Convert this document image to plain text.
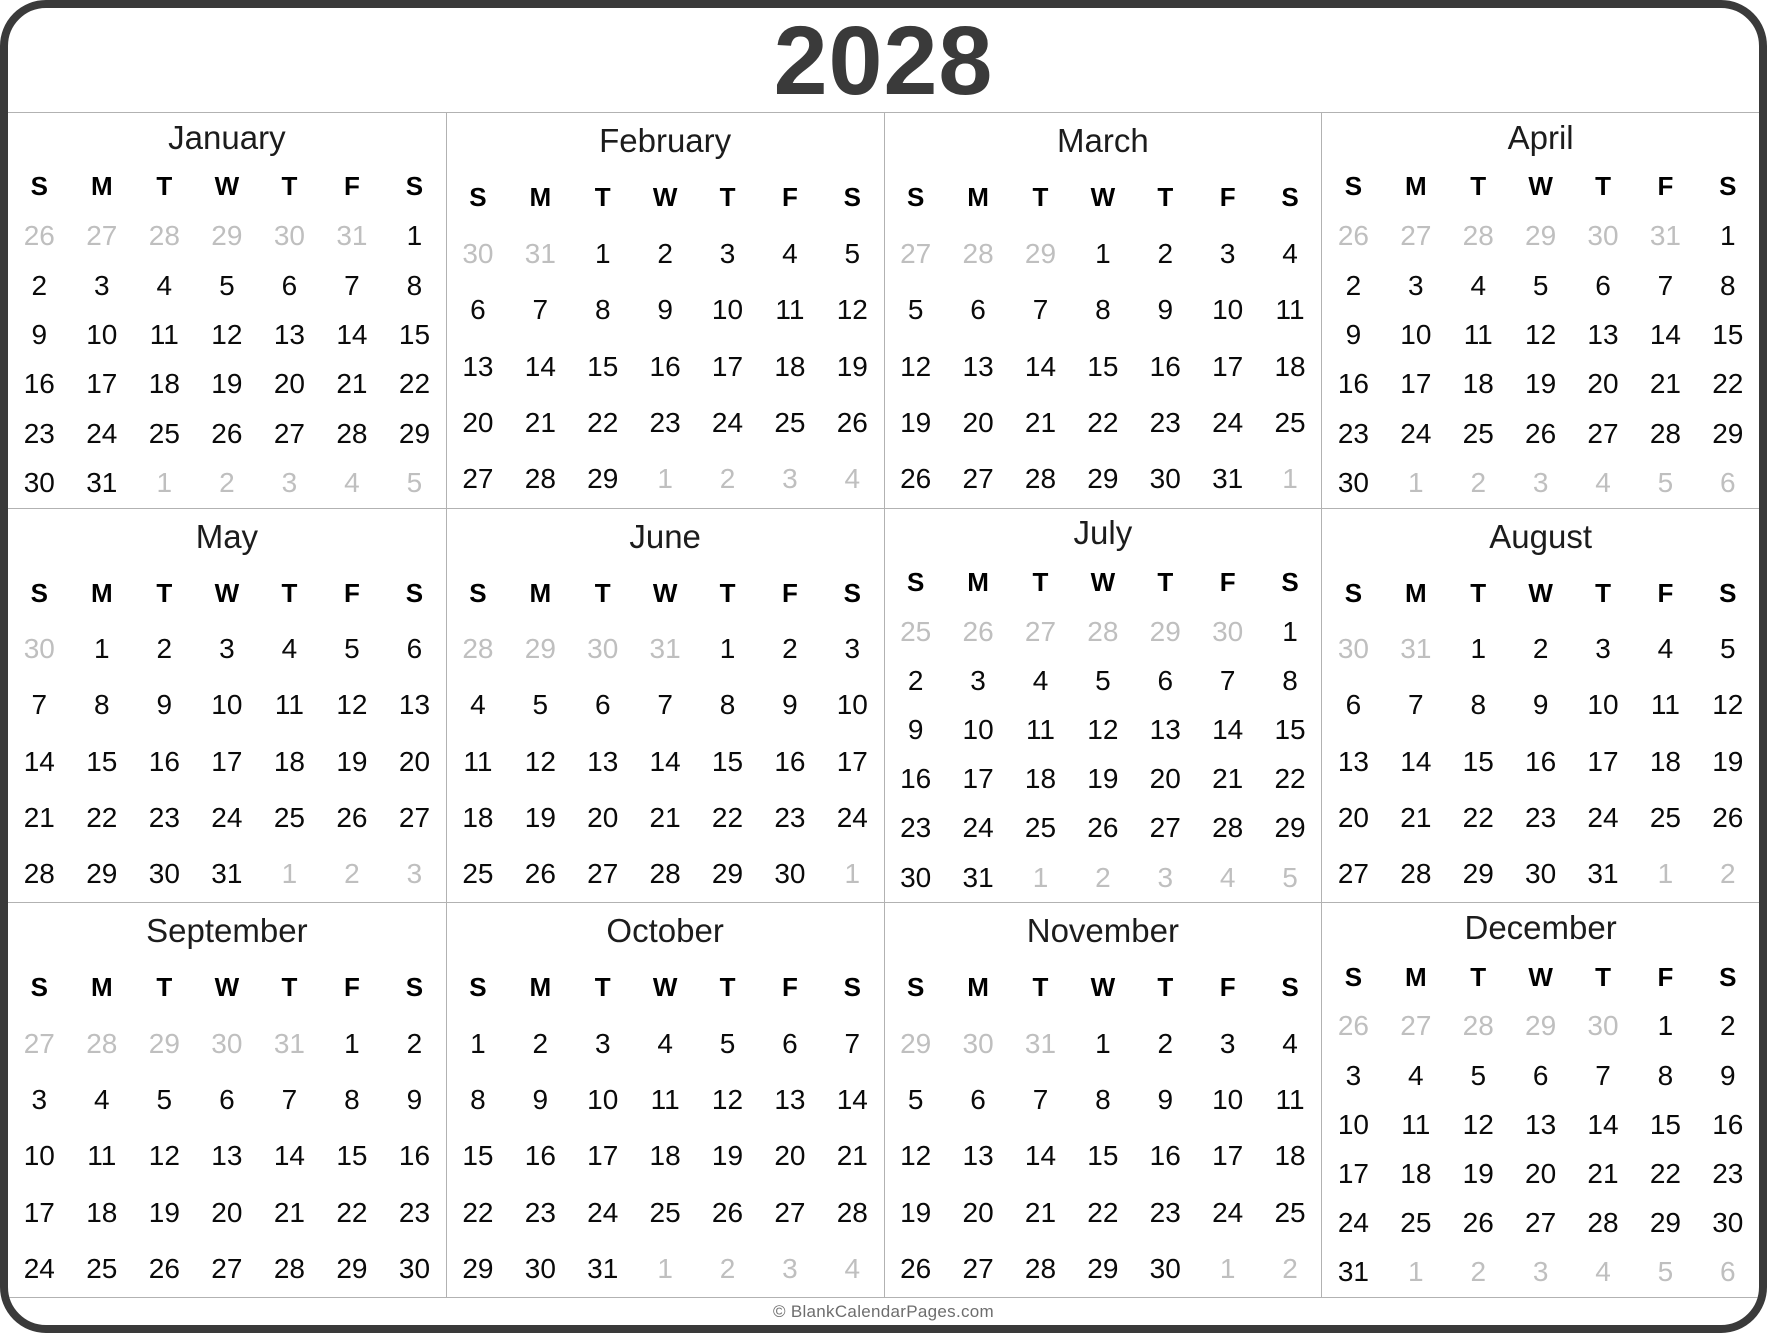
2028
January
S M T W T F S
26 27 28 29 30 31 1
2 3 4 5 6 7 8
9 10 11 12 13 14 15
16 17 18 19 20 21 22
23 24 25 26 27 28 29
30 31 1 2 3 4 5
February
S M T W T F S
30 31 1 2 3 4 5
6 7 8 9 10 11 12
13 14 15 16 17 18 19
20 21 22 23 24 25 26
27 28 29 1 2 3 4
March
S M T W T F S
27 28 29 1 2 3 4
5 6 7 8 9 10 11
12 13 14 15 16 17 18
19 20 21 22 23 24 25
26 27 28 29 30 31 1
April
S M T W T F S
26 27 28 29 30 31 1
2 3 4 5 6 7 8
9 10 11 12 13 14 15
16 17 18 19 20 21 22
23 24 25 26 27 28 29
30 1 2 3 4 5 6
May
S M T W T F S
30 1 2 3 4 5 6
7 8 9 10 11 12 13
14 15 16 17 18 19 20
21 22 23 24 25 26 27
28 29 30 31 1 2 3
June
S M T W T F S
28 29 30 31 1 2 3
4 5 6 7 8 9 10
11 12 13 14 15 16 17
18 19 20 21 22 23 24
25 26 27 28 29 30 1
July
S M T W T F S
25 26 27 28 29 30 1
2 3 4 5 6 7 8
9 10 11 12 13 14 15
16 17 18 19 20 21 22
23 24 25 26 27 28 29
30 31 1 2 3 4 5
August
S M T W T F S
30 31 1 2 3 4 5
6 7 8 9 10 11 12
13 14 15 16 17 18 19
20 21 22 23 24 25 26
27 28 29 30 31 1 2
September
S M T W T F S
27 28 29 30 31 1 2
3 4 5 6 7 8 9
10 11 12 13 14 15 16
17 18 19 20 21 22 23
24 25 26 27 28 29 30
October
S M T W T F S
1 2 3 4 5 6 7
8 9 10 11 12 13 14
15 16 17 18 19 20 21
22 23 24 25 26 27 28
29 30 31 1 2 3 4
November
S M T W T F S
29 30 31 1 2 3 4
5 6 7 8 9 10 11
12 13 14 15 16 17 18
19 20 21 22 23 24 25
26 27 28 29 30 1 2
December
S M T W T F S
26 27 28 29 30 1 2
3 4 5 6 7 8 9
10 11 12 13 14 15 16
17 18 19 20 21 22 23
24 25 26 27 28 29 30
31 1 2 3 4 5 6
© BlankCalendarPages.com
